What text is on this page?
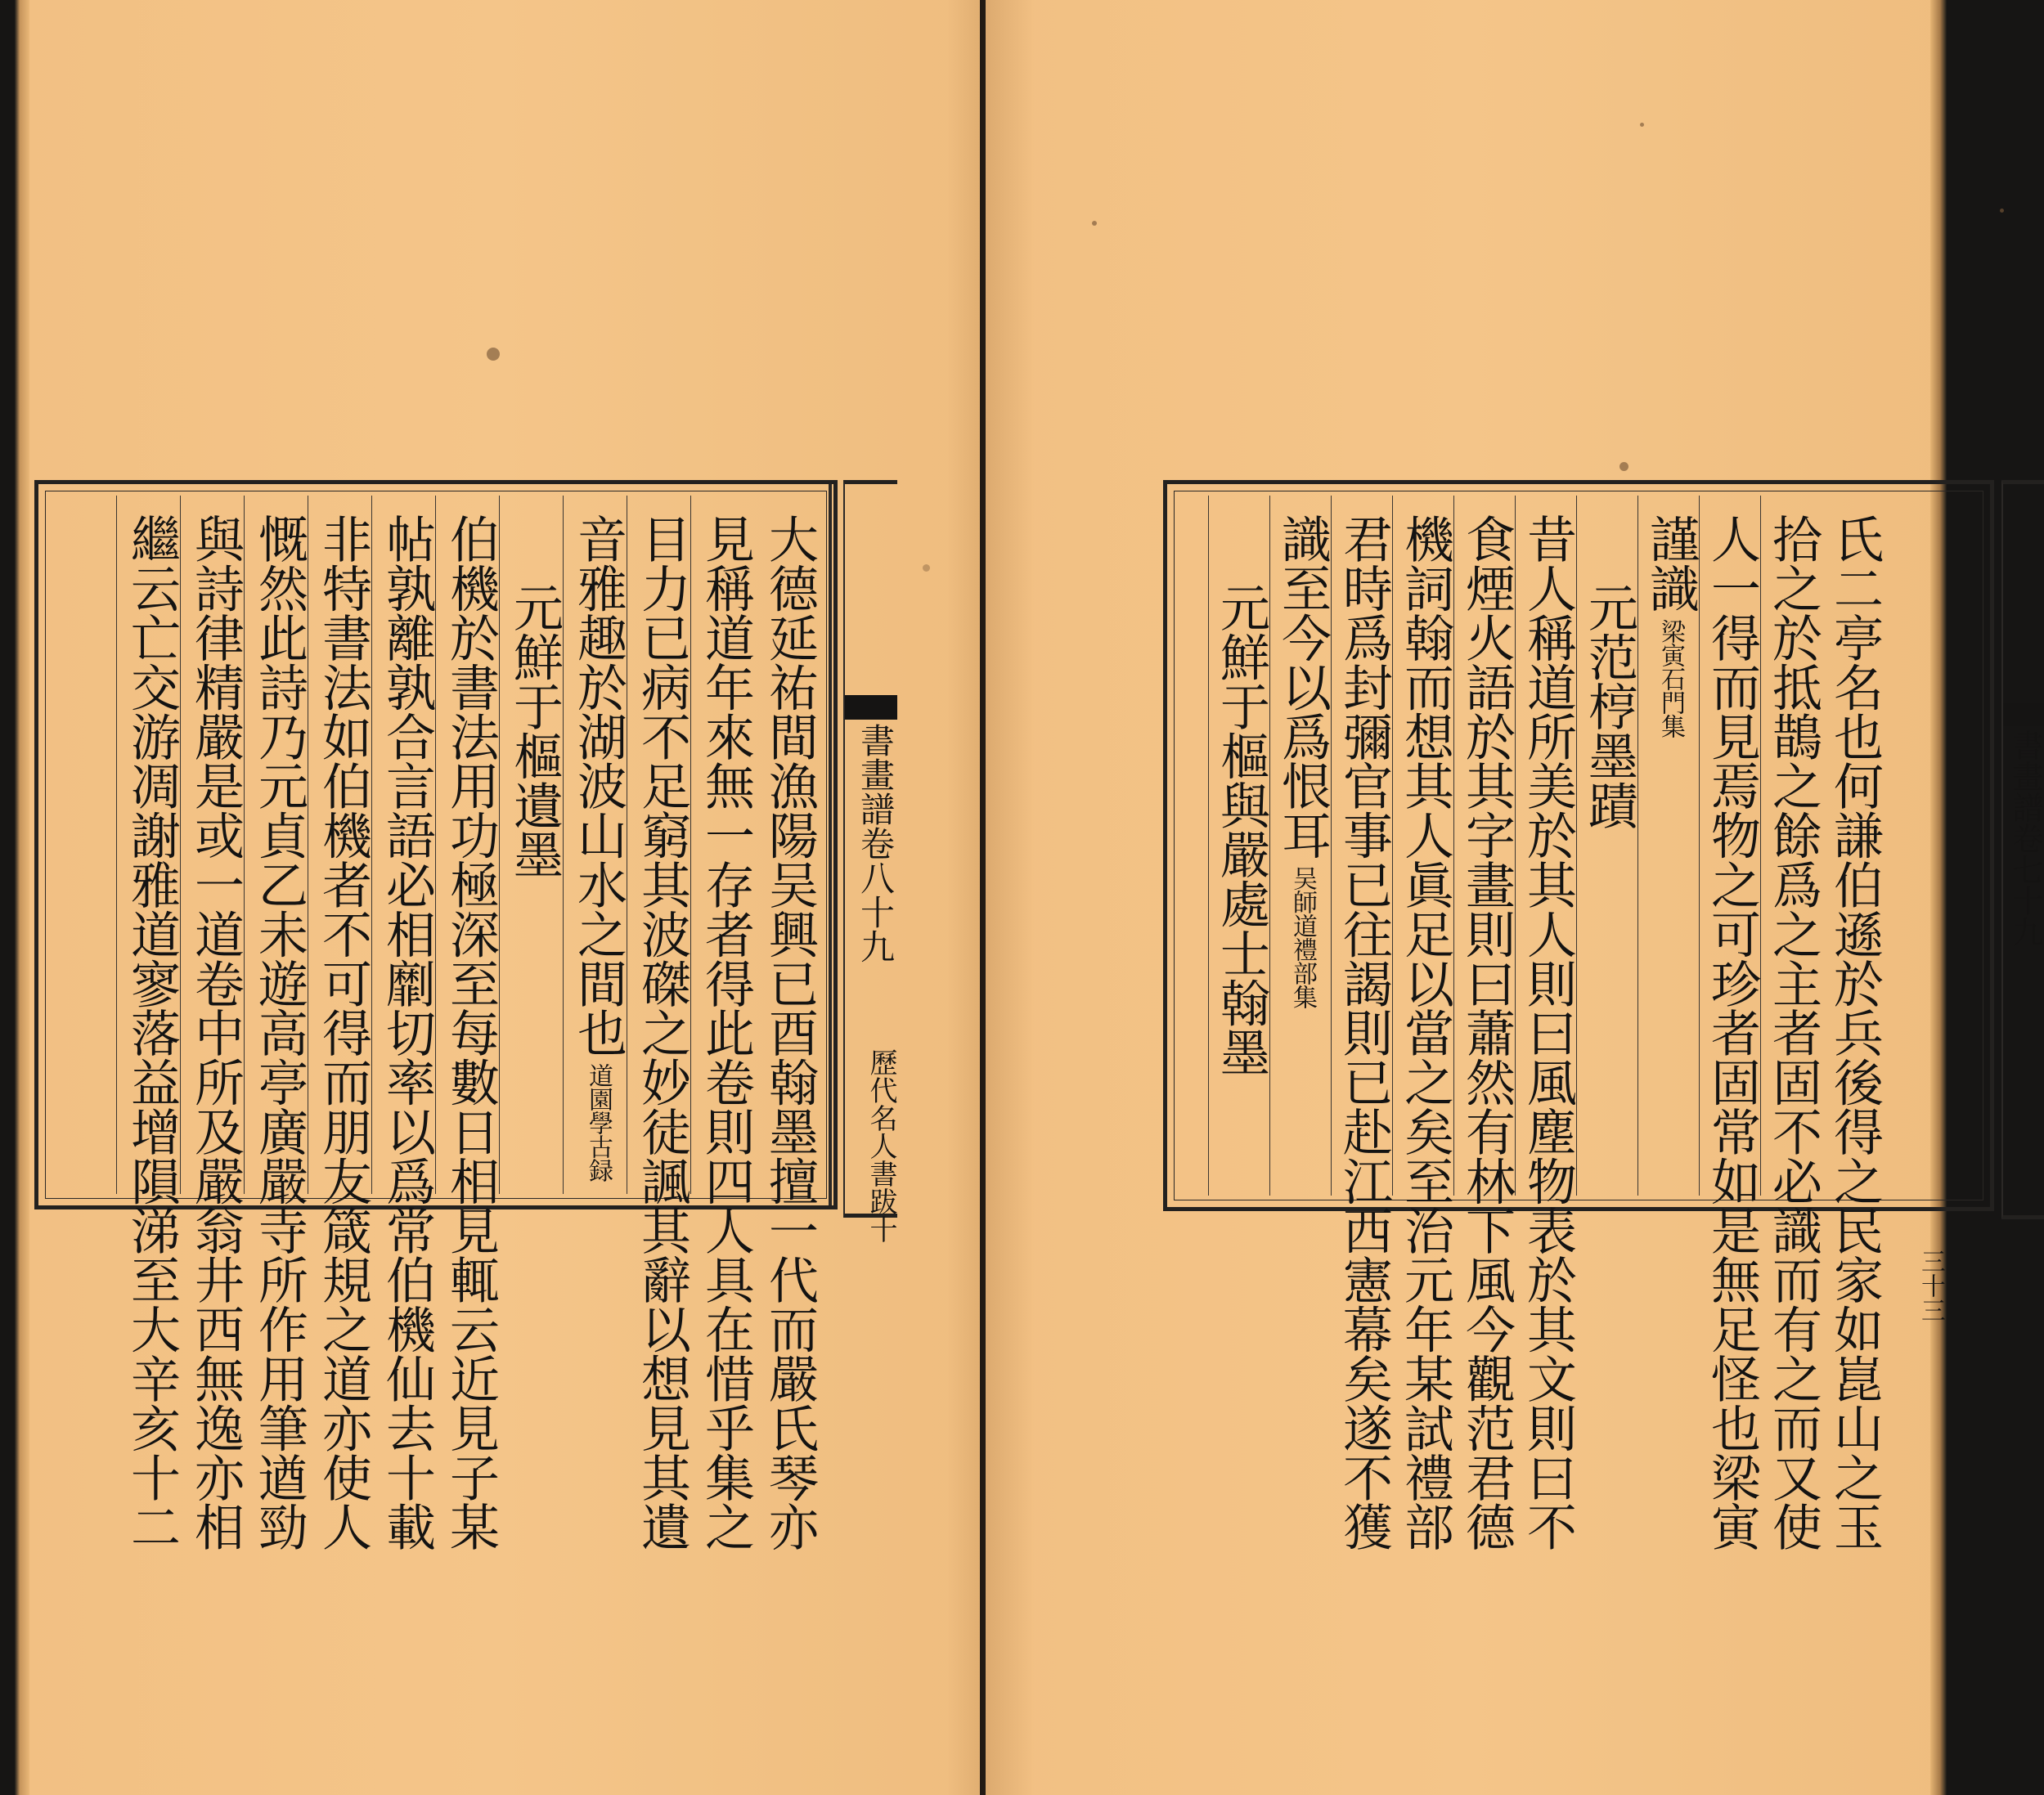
大德延祐間漁陽吴興已酉翰墨擅一代而嚴氏琴亦
見稱道年來無一存者得此卷則四人具在惜乎集之
目力已病不足窮其波磔之妙徒諷其辭以想見其遺
音雅趣於湖波山水之間也道園學古録
元鮮于樞遺墨
伯機於書法用功極深至每數日相見輒云近見子某
帖孰離孰合言語必相劘切率以爲常伯機仙去十載
非特書法如伯機者不可得而朋友箴規之道亦使人
慨然此詩乃元貞乙未遊高亭廣嚴寺所作用筆遒勁
與詩律精嚴是或一道卷中所及嚴翁井西無逸亦相
繼云亡交游凋謝雅道寥落益增隕涕至大辛亥十二	書畫譜卷八十九
歷代名人書跋十	氏二亭名也何謙伯遜於兵後得之民家如崑山之玉
拾之於抵鵲之餘爲之主者固不必識而有之而又使
人一得而見焉物之可珍者固常如是無足怪也梁寅
謹識梁寅石門集
元范梈墨蹟
昔人稱道所美於其人則曰風塵物表於其文則曰不
食煙火語於其字畫則曰蕭然有林下風今觀范君德
機詞翰而想其人眞足以當之矣至治元年某試禮部
君時爲封彌官事已往謁則已赴江西憲幕矣遂不獲
識至今以爲恨耳吴師道禮部集
元鮮于樞與嚴處士翰墨	書畫譜卷七十九
三十三
